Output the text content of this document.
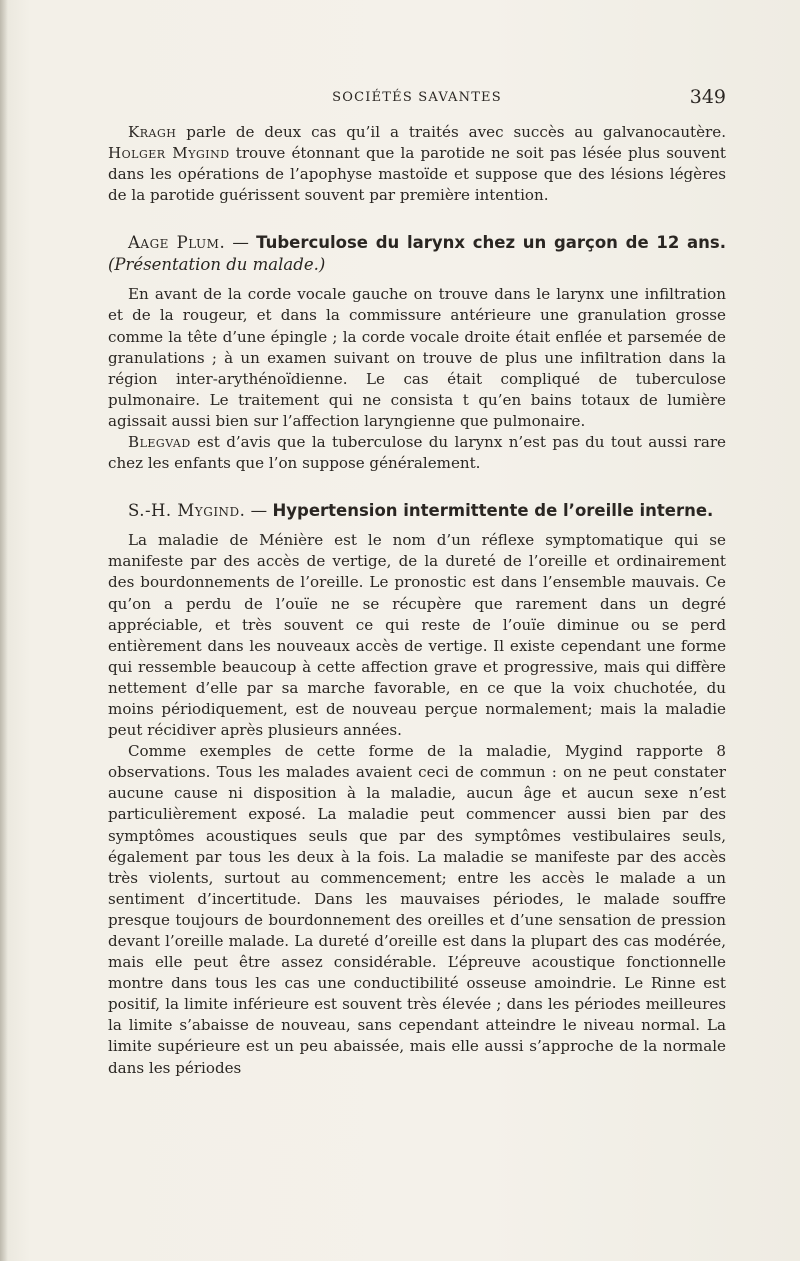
SOCIÉTÉS SAVANTES	349

Kragh parle de deux cas qu’il a traités avec succès au galvanocautère. Holger Mygind trouve étonnant que la parotide ne soit pas lésée plus souvent dans les opérations de l’apophyse mastoïde et suppose que des lésions légères de la parotide guérissent souvent par première intention.

Aage Plum. — Tuberculose du larynx chez un garçon de 12 ans. (Présentation du malade.)

En avant de la corde vocale gauche on trouve dans le larynx une infiltration et de la rougeur, et dans la commissure antérieure une granulation grosse comme la tête d’une épingle ; la corde vocale droite était enflée et parsemée de granulations ; à un examen suivant on trouve de plus une infiltration dans la région inter-arythénoïdienne. Le cas était compliqué de tuberculose pulmonaire. Le traitement qui ne consista t qu’en bains totaux de lumière agissait aussi bien sur l’affection laryngienne que pulmonaire.

Blegvad est d’avis que la tuberculose du larynx n’est pas du tout aussi rare chez les enfants que l’on suppose généralement.

S.-H. Mygind. — Hypertension intermittente de l’oreille interne.

La maladie de Ménière est le nom d’un réflexe symptomatique qui se manifeste par des accès de vertige, de la dureté de l’oreille et ordinairement des bourdonnements de l’oreille. Le pronostic est dans l’ensemble mauvais. Ce qu’on a perdu de l’ouïe ne se récupère que rarement dans un degré appréciable, et très souvent ce qui reste de l’ouïe diminue ou se perd entièrement dans les nouveaux accès de vertige. Il existe cependant une forme qui ressemble beaucoup à cette affection grave et progressive, mais qui diffère nettement d’elle par sa marche favorable, en ce que la voix chuchotée, du moins périodiquement, est de nouveau perçue normalement; mais la maladie peut récidiver après plusieurs années.

Comme exemples de cette forme de la maladie, Mygind rapporte 8 observations. Tous les malades avaient ceci de commun : on ne peut constater aucune cause ni disposition à la maladie, aucun âge et aucun sexe n’est particulièrement exposé. La maladie peut commencer aussi bien par des symptômes acoustiques seuls que par des symptômes vestibulaires seuls, également par tous les deux à la fois. La maladie se manifeste par des accès très violents, surtout au commencement; entre les accès le malade a un sentiment d’incertitude. Dans les mauvaises périodes, le malade souffre presque toujours de bourdonnement des oreilles et d’une sensation de pression devant l’oreille malade. La dureté d’oreille est dans la plupart des cas modérée, mais elle peut être assez considérable. L’épreuve acoustique fonctionnelle montre dans tous les cas une conductibilité osseuse amoindrie. Le Rinne est positif, la limite inférieure est souvent très élevée ; dans les périodes meilleures la limite s’abaisse de nouveau, sans cependant atteindre le niveau normal. La limite supérieure est un peu abaissée, mais elle aussi s’approche de la normale dans les périodes
